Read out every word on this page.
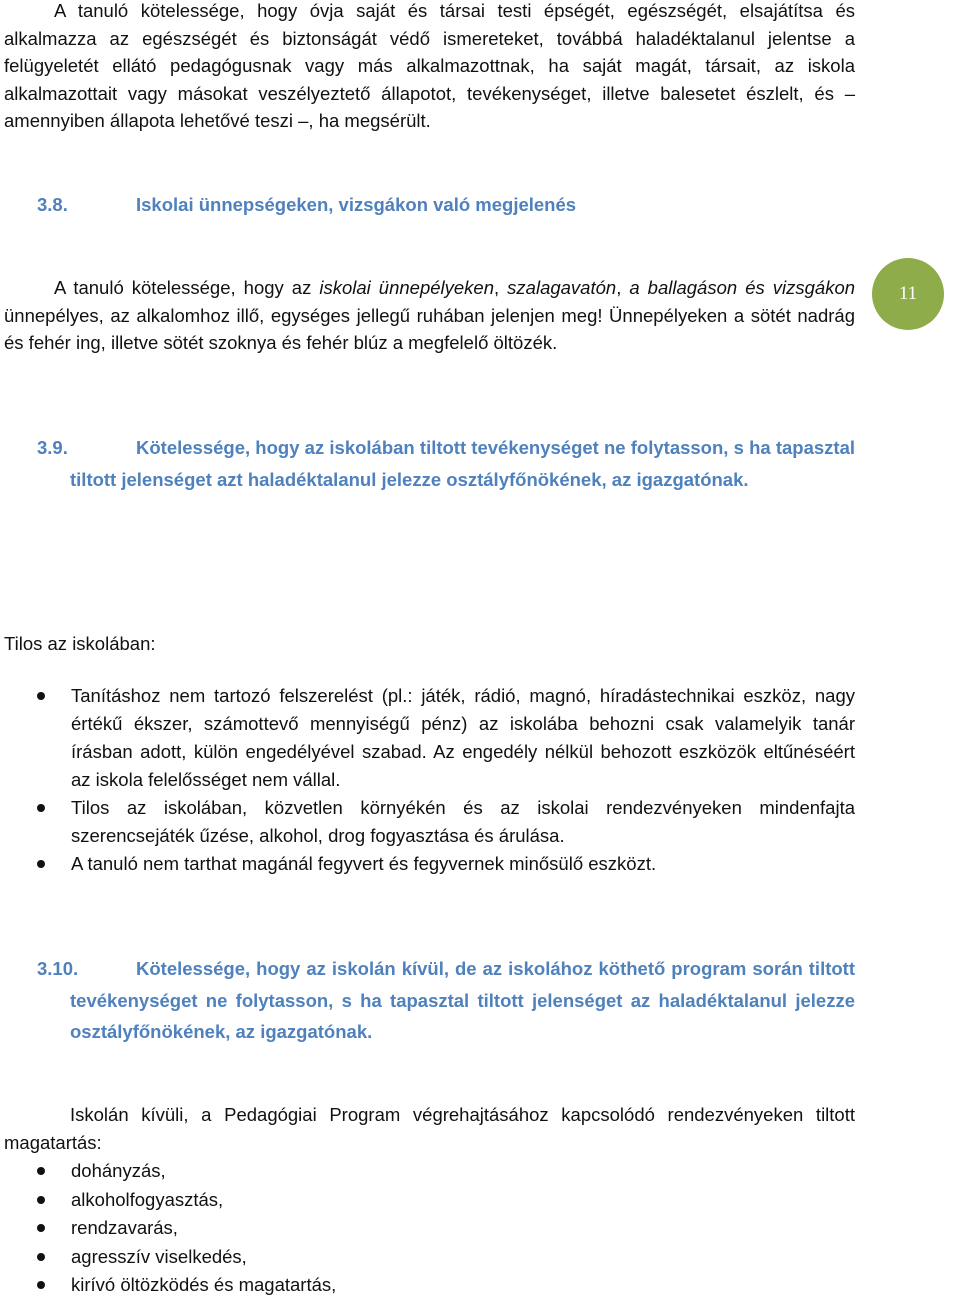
A tanuló kötelessége, hogy óvja saját és társai testi épségét, egészségét, elsajátítsa és alkalmazza az egészségét és biztonságát védő ismereteket, továbbá haladéktalanul jelentse a felügyeletét ellátó pedagógusnak vagy más alkalmazottnak, ha saját magát, társait, az iskola alkalmazottait vagy másokat veszélyeztető állapotot, tevékenységet, illetve balesetet észlelt, és – amennyiben állapota lehetővé teszi –, ha megsérült.

3.8.	Iskolai ünnepségeken, vizsgákon való megjelenés

A tanuló kötelessége, hogy az iskolai ünnepélyeken, szalagavatón, a ballagáson és vizsgákon ünnepélyes, az alkalomhoz illő, egységes jellegű ruhában jelenjen meg! Ünnepélyeken a sötét nadrág és fehér ing, illetve sötét szoknya és fehér blúz a megfelelő öltözék.

11
3.9.	Kötelessége, hogy az iskolában tiltott tevékenységet ne folytasson, s ha tapasztal tiltott jelenséget azt haladéktalanul jelezze osztályfőnökének, az igazgatónak.

Tilos az iskolában:

Tanításhoz nem tartozó felszerelést (pl.: játék, rádió, magnó, híradástechnikai eszköz, nagy értékű ékszer, számottevő mennyiségű pénz) az iskolába behozni csak valamelyik tanár írásban adott, külön engedélyével szabad. Az engedély nélkül behozott eszközök eltűnéséért az iskola felelősséget nem vállal.
Tilos az iskolában, közvetlen környékén és az iskolai rendezvényeken mindenfajta szerencsejáték űzése, alkohol, drog fogyasztása és árulása.
A tanuló nem tarthat magánál fegyvert és fegyvernek minősülő eszközt.
3.10.	Kötelessége, hogy az iskolán kívül, de az iskolához köthető program során tiltott tevékenységet ne folytasson, s ha tapasztal tiltott jelenséget az haladéktalanul jelezze osztályfőnökének, az igazgatónak.

Iskolán kívüli, a Pedagógiai Program végrehajtásához kapcsolódó rendezvényeken tiltott magatartás:

dohányzás,
alkoholfogyasztás,
rendzavarás,
agresszív viselkedés,
kirívó öltözködés és magatartás,
